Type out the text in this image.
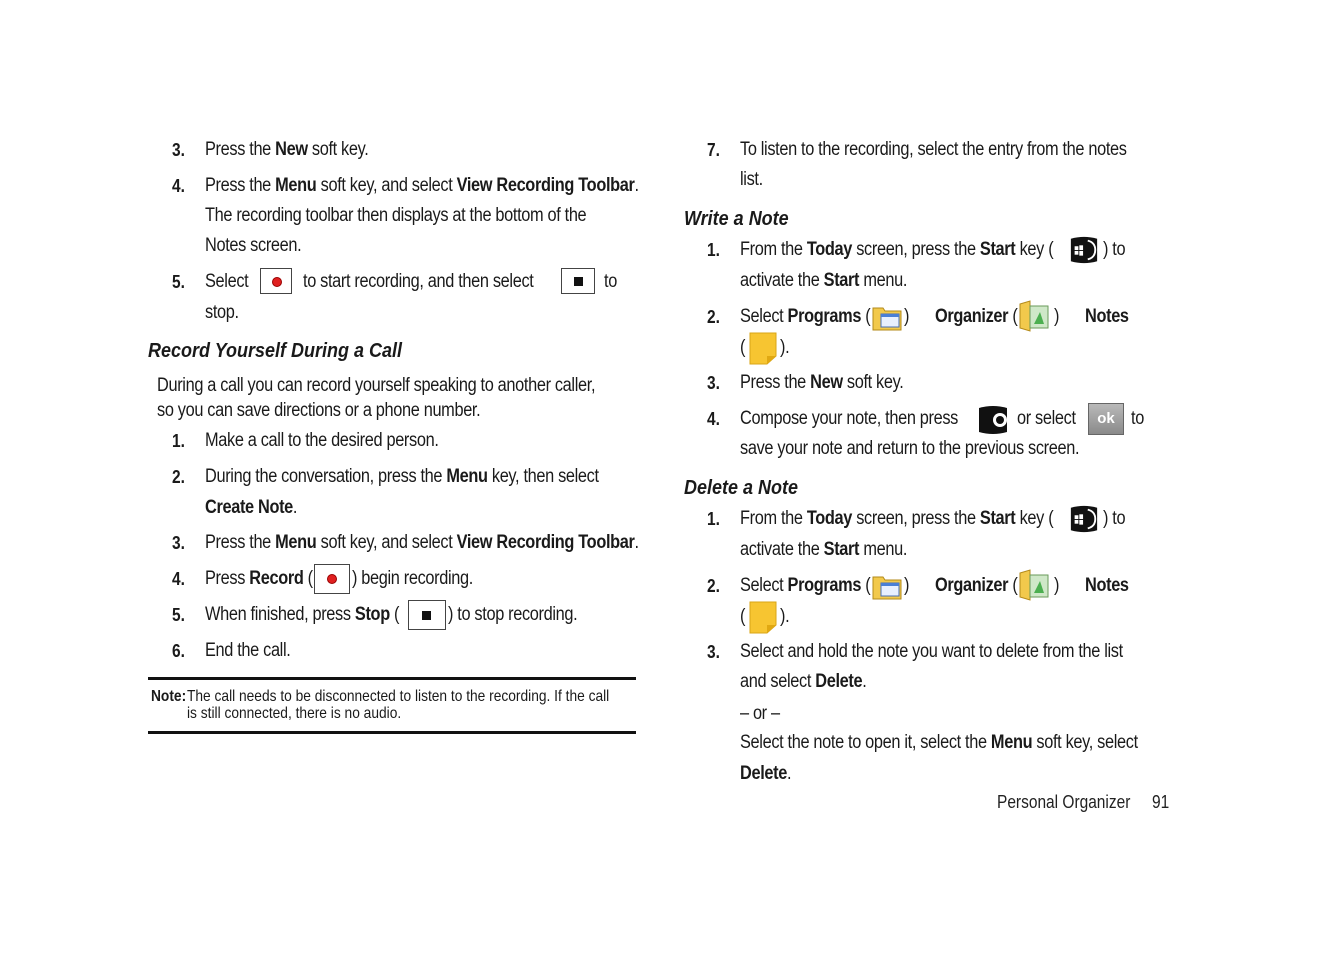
3. Press the New soft key.
4. Press the Menu soft key, and select View Recording Toolbar.
The recording toolbar then displays at the bottom of the
Notes screen.
5. Select	to start recording, and then select	to
stop.
Record Yourself During a Call
During a call you can record yourself speaking to another caller,
so you can save directions or a phone number.
1. Make a call to the desired person.
2. During the conversation, press the Menu key, then select
Create Note.
3. Press the Menu soft key, and select View Recording Toolbar.
4. Press Record ( ) begin recording.
5. When finished, press Stop (	) to stop recording.
6. End the call.
Note: The call needs to be disconnected to listen to the recording. If the call
is still connected, there is no audio.
7. To listen to the recording, select the entry from the notes
list.
Write a Note
1. From the Today screen, press the Start key (	) to
activate the Start menu.
2. Select Programs ( ) Organizer ( ) Notes
( ).
3. Press the New soft key.
4. Compose your note, then press	or select	ok to
save your note and return to the previous screen.
Delete a Note
1. From the Today screen, press the Start key (	) to
activate the Start menu.
2. Select Programs ( ) Organizer ( ) Notes
( ).
3. Select and hold the note you want to delete from the list
and select Delete.
– or –
Select the note to open it, select the Menu soft key, select
Delete.
Personal Organizer 91
